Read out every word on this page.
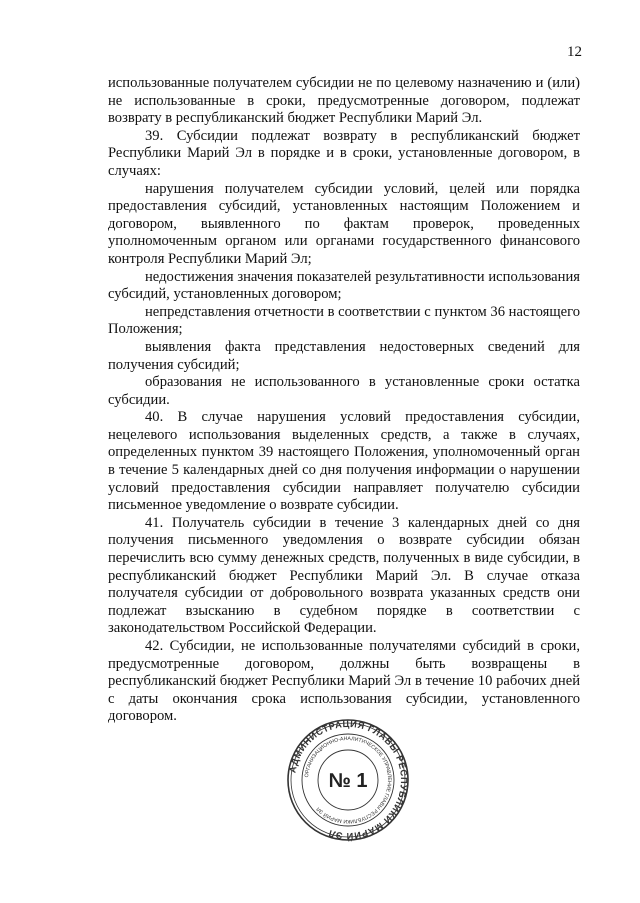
12

использованные получателем субсидии не по целевому назначению и (или) не использованные в сроки, предусмотренные договором, подлежат возврату в республиканский бюджет Республики Марий Эл.

39. Субсидии подлежат возврату в республиканский бюджет Республики Марий Эл в порядке и в сроки, установленные договором, в случаях:

нарушения получателем субсидии условий, целей или порядка предоставления субсидий, установленных настоящим Положением и договором, выявленного по фактам проверок, проведенных уполномоченным органом или органами государственного финансового контроля Республики Марий Эл;

недостижения значения показателей результативности использования субсидий, установленных договором;

непредставления отчетности в соответствии с пунктом 36 настоящего Положения;

выявления факта представления недостоверных сведений для получения субсидий;

образования не использованного в установленные сроки остатка субсидии.

40. В случае нарушения условий предоставления субсидии, нецелевого использования выделенных средств, а также в случаях, определенных пунктом 39 настоящего Положения, уполномоченный орган в течение 5 календарных дней со дня получения информации о нарушении условий предоставления субсидии направляет получателю субсидии письменное уведомление о возврате субсидии.

41. Получатель субсидии в течение 3 календарных дней со дня получения письменного уведомления о возврате субсидии обязан перечислить всю сумму денежных средств, полученных в виде субсидии, в республиканский бюджет Республики Марий Эл. В случае отказа получателя субсидии от добровольного возврата указанных средств они подлежат взысканию в судебном порядке в соответствии с законодательством Российской Федерации.

42. Субсидии, не использованные получателями субсидий в сроки, предусмотренные договором, должны быть возвращены в республиканский бюджет Республики Марий Эл в течение 10 рабочих дней с даты окончания срока использования субсидии, установленного договором.

АДМИНИСТРАЦИЯ ГЛАВЫ РЕСПУБЛИКИ МАРИЙ ЭЛ
ОРГАНИЗАЦИОННО-АНАЛИТИЧЕСКОЕ УПРАВЛЕНИЕ ГЛАВЫ РЕСПУБЛИКИ МАРИЙ ЭЛ
№ 1
